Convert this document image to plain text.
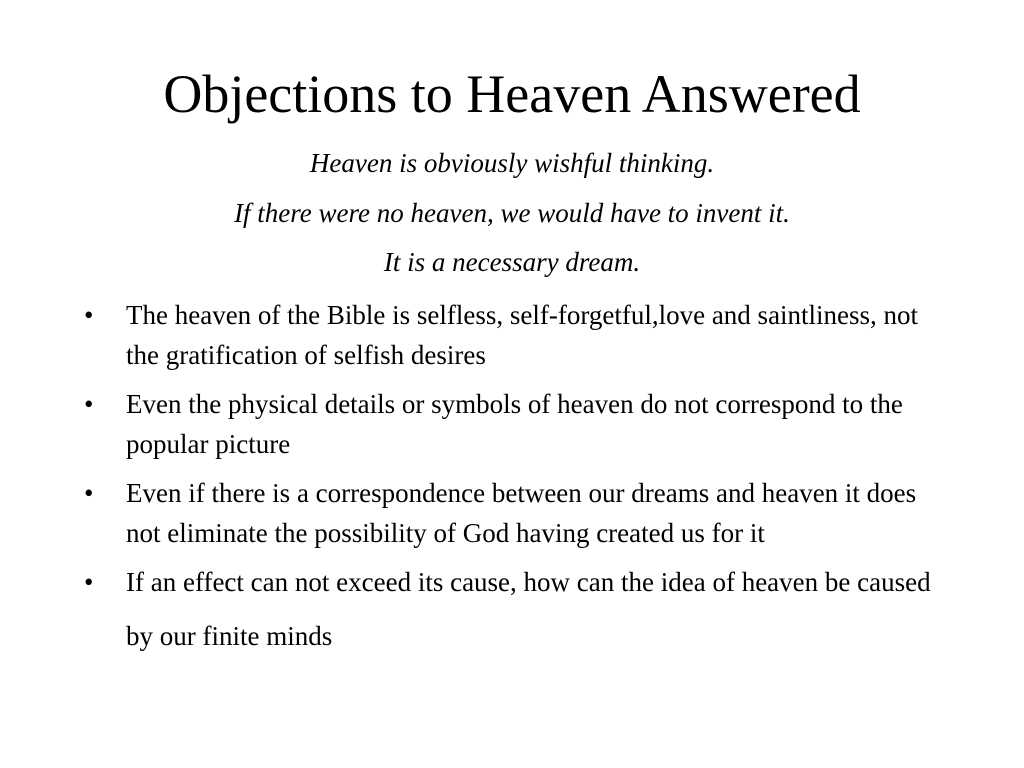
Objections to Heaven Answered

Heaven is obviously wishful thinking.

If there were no heaven, we would have to invent it.

It is a necessary dream.

•	The heaven of the Bible is selfless, self-forgetful,love and saintliness, not the gratification of selfish desires
•	Even the physical details or symbols of heaven do not correspond to the popular picture
•	Even if there is a correspondence between our dreams and heaven it does not eliminate the possibility of God having created us for it
•	If an effect can not exceed its cause, how can the idea of heaven be caused by our finite minds
